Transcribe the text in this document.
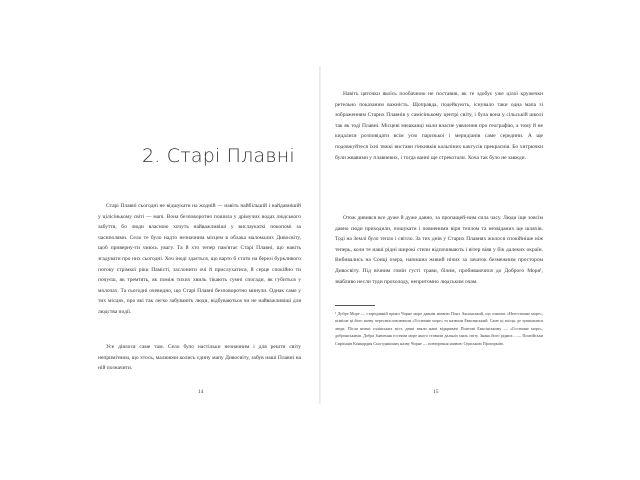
2. Старі Плавні

Старі Плавні сьогодні не відшукати на жодній — навіть найбільшій і найдавнішій у цілісінькому світі — мапі. Вона безповоротно пошила у дрімучих водах людського забуття, бо люди власною хочуть найважливіші у вислаукаткі покопомі за часиполями. Село те було надто незначним місцем в облака маломалих Дивосвіту, щоб приверну-ти чиюсь увагу. Та й хто тепер пам'ятає Старі Плавні, що навіть згадувати про них сьогодні. Хоч іноді здається, що варто б стати на березі буркливого потоку стрімкої ріки Памісті, заслонити очі й прислухатися, й серце спокійно ти почуєш, як тремтять, як поміж тихих хвиль тікають сумні спогади, як губиться у молочах. Та сьогодні очевидно, що Старі Плавні безповоротно минули. Однак саме у тих місцях, про які так легко забувають люди, відбуваються чи не найважливіші для людства події.

Усе діялося саме там. Село було настільки незначним і для решти світу непримітним, що хтось, малюючи колись єдину мапу Дивосвіту, забув наші Плавні на ній позначити.

14

Навіть цяточки якоїсь пообачною не поставив, як те здобує уже цілої кружечки ретельно показаним важність. Щоправда, подейкують, існувало таки одна мапа зі зображенням Старих Плавнів у самісінькому центрі світу, і була вона у сільській школі так як тоді Плавні. Місцеві мешканці мали власне уявлення про географію, а тому й не кидалися розповідати всім усю паризької і меридіанів саме середини. А ще подовжуйтеся їхні тяжкі вистави гінкивків кальпіних кактусів прекраснія. Бо хитрючки були жвавими у плавневих, і тогда ванні ще стрекотали. Хоча так було не завжди.

Отож дивився все дуже й дуже давно, за пропащей-ним сила часу. Люди іще зовсім давно сюди приходили, пошукати і повненими віри теплом та незвіданих ще шляхів. Тоді на Землі було тепло і світло. За тих днів у Старих Плавнях жилося спокійніше ніж теперь, коли те наші рідні широкі степи відпочивають і вітер віяв у бік далеких окраїн. Вибивались на Сонці озера, напишна живий нічих за зачаток безмежним простором Дивосвіту. Під вічним гомін густі трави, білим, пробиваючися до Доброго Моря¹, звабливо несли туди прохолоду, непритомно людським очам.

¹ Добре Море — стародавній прикл Чорне море давнім назвою Понт Аксинський, що означає «Негостинне море», пізніше ці його назву пересмисловлювали «Гостинне море» та назвали Евксинський. Саме ці місця, де зупинилися люди. Після низки еллінських міст, деякі взяли наші відкривачі Понтові Евксінському — «Гостинне море», добринськими. Добра Значення гостями море якого ставили дальніх миль світу. Знань його рідних... — Понтійськи Сиріїнців Конкордия Сьогоднішних назву Чорне — повторення назвою Одиською Пропорнію.

15
